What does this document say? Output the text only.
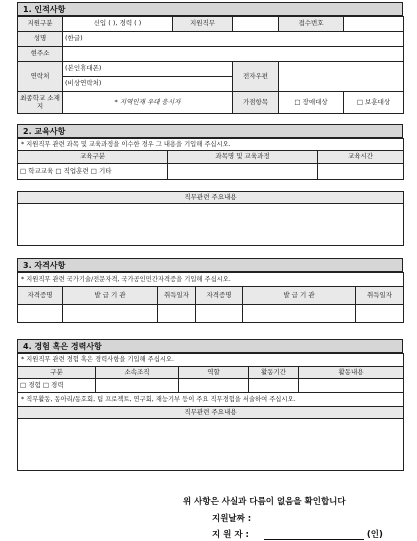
1. 인적사항
지원구분	신입 ( ), 경력 ( )	지원직무		접수번호	
성명	(한글)				
현주소					
연락처	(본인휴대폰)		전자우편		
	(비상연락처)				
최종학교 소재지	* 지역인재 우대 응시자		가점항목	□ 장애대상	□ 보훈대상
2. 교육사항
* 지원직무 관련 과목 및 교육과정을 이수한 경우 그 내용을 기입해 주십시오.		
교육구분	과목명 및 교육과정	교육시간
□ 학교교육 □ 직업훈련 □ 기타		

직무관련 주요내용		

3. 자격사항
* 지원직무 관련 국가기술/전문자격, 국가공인민간자격증을 기입해 주십시오.					
자격증명	발 급 기 관	취득일자	자격증명	발 급 기 관	취득일자

4. 경험 혹은 경력사항
* 지원직무 관련 경험 혹은 경력사항을 기입해 주십시오.				
구분	소속조직	역할	활동기간	활동내용
□ 경험 □ 경력				
* 직무활동, 동아리/동호회, 팀 프로젝트, 연구회, 재능기부 등이 주요 직무경험을 서술하여 주십시오.				
직무관련 주요내용				

위 사항은 사실과 다름이 없음을 확인합니다
지원날짜 :
지 원 자 :	(인)
